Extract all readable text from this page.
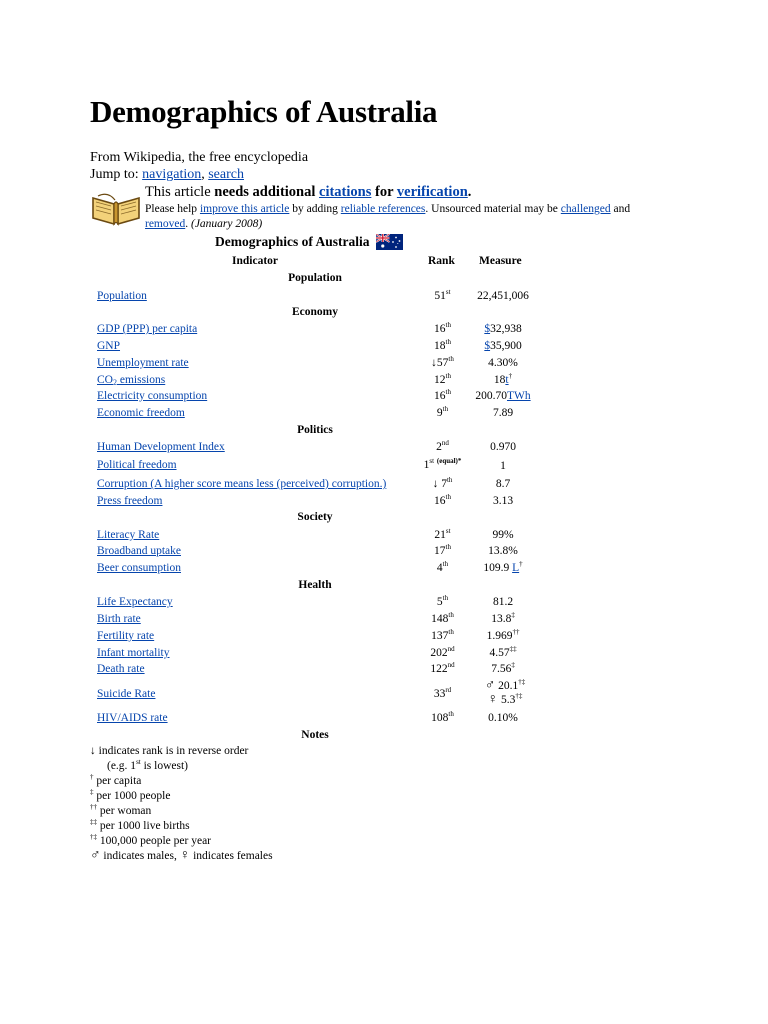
Demographics of Australia
From Wikipedia, the free encyclopedia
Jump to: navigation, search
This article needs additional citations for verification.
Please help improve this article by adding reliable references. Unsourced material may be challenged and
removed. (January 2008)
Demographics of Australia
Indicator	Rank Measure
Population
Population	51st	22,451,006
Economy
GDP (PPP) per capita	16th	$32,938
GNP	18th	$35,900
Unemployment rate	↓57th	4.30%
$CO_2$ emissions	12th	18t†
Electricity consumption	16th	200.70TWh
Economic freedom	9th	7.89
Politics
Human Development Index	2nd	0.970
Political freedom	1st $^{(equal)*}$	1
Corruption (A higher score means less (perceived) corruption.)	↓ 7th	8.7
Press freedom	16th	3.13
Society
Literacy Rate	21st	99%
Broadband uptake	17th	13.8%
Beer consumption	4th	109.9 L†
Health
Life Expectancy	5th	81.2
Birth rate	148th	13.8‡
Fertility rate	137th	1.969††
Infant mortality	202nd	4.57‡‡
Death rate	122nd	7.56‡
Suicide Rate	33rd	♂ 20.1†‡
♀ 5.3†‡
HIV/AIDS rate	108th	0.10%
Notes
↓ indicates rank is in reverse order
(e.g. 1st is lowest)
† per capita
‡ per 1000 people
†† per woman
‡‡ per 1000 live births
†‡ 100,000 people per year
♂ indicates males, ♀ indicates females
